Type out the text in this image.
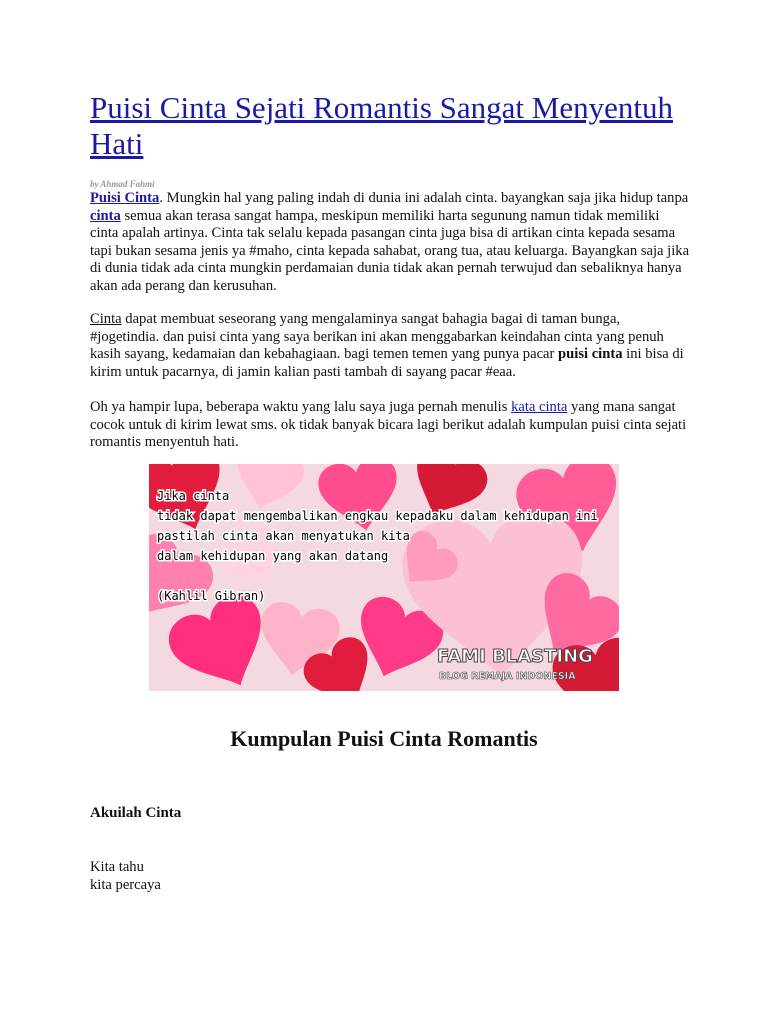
Puisi Cinta Sejati Romantis Sangat Menyentuh Hati
by Ahmad Fahmi

Puisi Cinta. Mungkin hal yang paling indah di dunia ini adalah cinta. bayangkan saja jika hidup tanpa cinta semua akan terasa sangat hampa, meskipun memiliki harta segunung namun tidak memiliki cinta apalah artinya. Cinta tak selalu kepada pasangan cinta juga bisa di artikan cinta kepada sesama tapi bukan sesama jenis ya #maho, cinta kepada sahabat, orang tua, atau keluarga. Bayangkan saja jika di dunia tidak ada cinta mungkin perdamaian dunia tidak akan pernah terwujud dan sebaliknya hanya akan ada perang dan kerusuhan.

Cinta dapat membuat seseorang yang mengalaminya sangat bahagia bagai di taman bunga, #jogetindia. dan puisi cinta yang saya berikan ini akan menggabarkan keindahan cinta yang penuh kasih sayang, kedamaian dan kebahagiaan. bagi temen temen yang punya pacar puisi cinta ini bisa di kirim untuk pacarnya, di jamin kalian pasti tambah di sayang pacar #eaa.

Oh ya hampir lupa, beberapa waktu yang lalu saya juga pernah menulis kata cinta yang mana sangat cocok untuk di kirim lewat sms. ok tidak banyak bicara lagi berikut adalah kumpulan puisi cinta sejati romantis menyentuh hati.

Jika cinta
tidak dapat mengembalikan engkau kepadaku dalam kehidupan ini
pastilah cinta akan menyatukan kita
dalam kehidupan yang akan datang
(Kahlil Gibran)
FAMI BLASTING
BLOG REMAJA INDONESIA
Kumpulan Puisi Cinta Romantis
Akuilah Cinta
Kita tahu
kita percaya
